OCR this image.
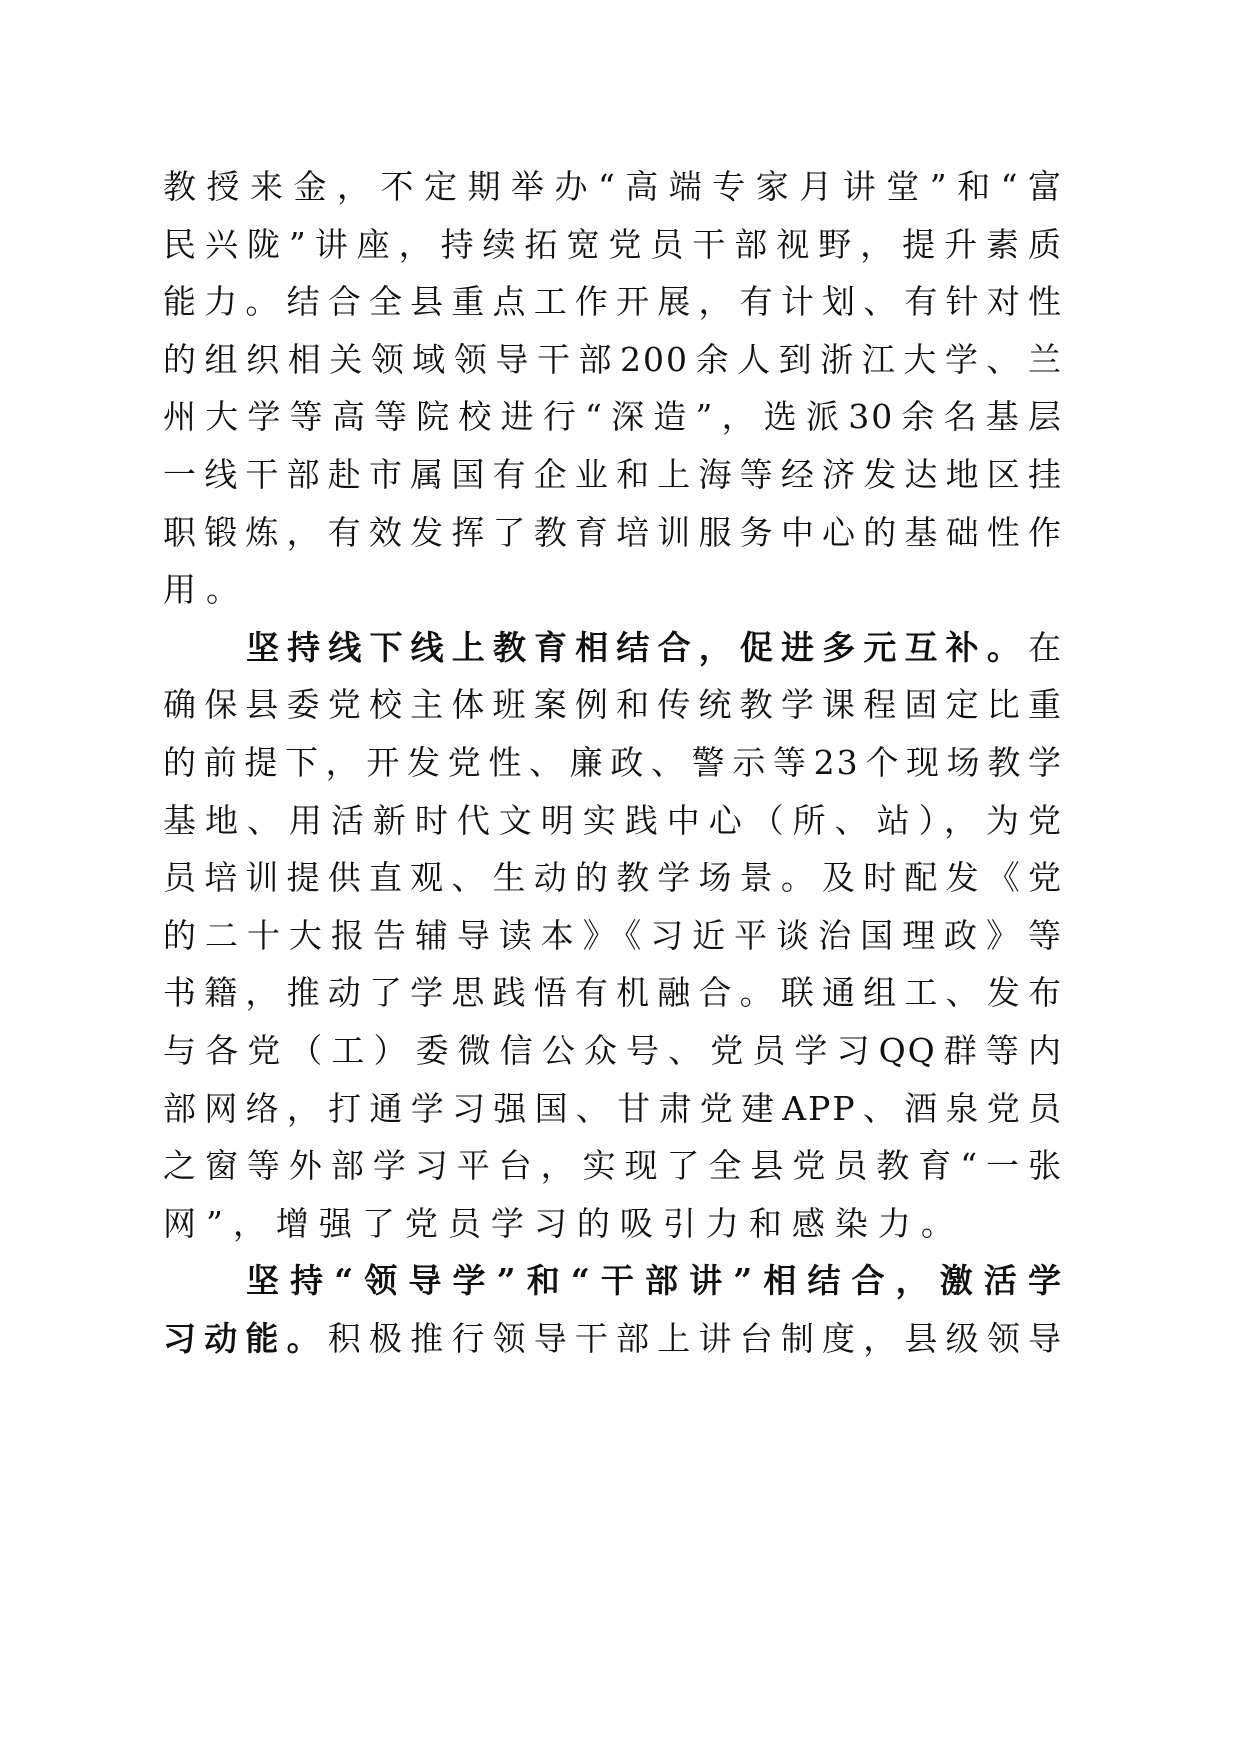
教授来金，不定期举办“高端专家月讲堂”和“富
民兴陇”讲座，持续拓宽党员干部视野，提升素质
能力。结合全县重点工作开展，有计划、有针对性
的组织相关领域领导干部200余人到浙江大学、兰
州大学等高等院校进行“深造”，选派30余名基层
一线干部赴市属国有企业和上海等经济发达地区挂
职锻炼，有效发挥了教育培训服务中心的基础性作
用。
坚持线下线上教育相结合，促进多元互补。在
确保县委党校主体班案例和传统教学课程固定比重
的前提下，开发党性、廉政、警示等23个现场教学
基地、用活新时代文明实践中心（所、站），为党
员培训提供直观、生动的教学场景。及时配发《党
的二十大报告辅导读本》《习近平谈治国理政》等
书籍，推动了学思践悟有机融合。联通组工、发布
与各党（工）委微信公众号、党员学习QQ群等内
部网络，打通学习强国、甘肃党建APP、酒泉党员
之窗等外部学习平台，实现了全县党员教育“一张
网”，增强了党员学习的吸引力和感染力。
坚持“领导学”和“干部讲”相结合，激活学
习动能。积极推行领导干部上讲台制度，县级领导
